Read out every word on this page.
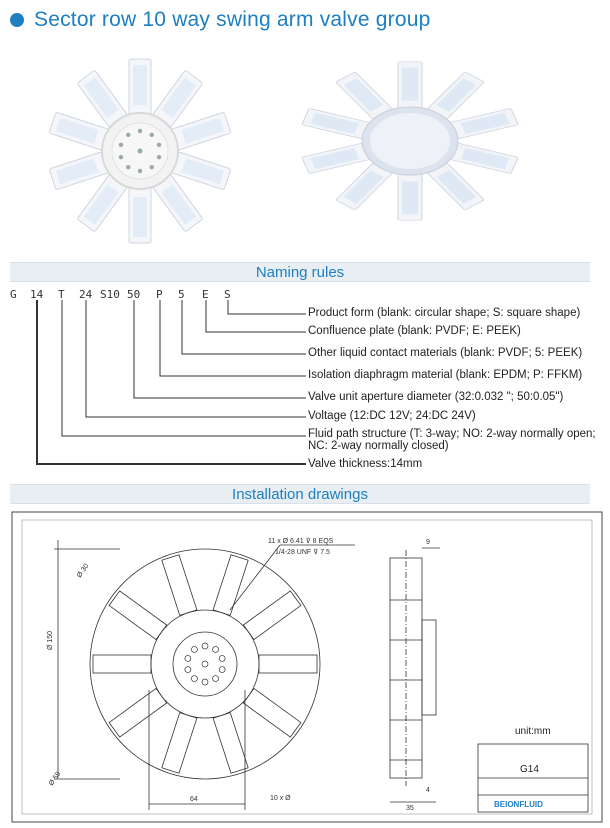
Sector row 10 way swing arm valve group
Naming rules
G 14 T 24 S10 50 P 5 E S
Product form (blank: circular shape; S: square shape)
Confluence plate (blank: PVDF; E: PEEK)
Other liquid contact materials (blank: PVDF; 5: PEEK)
Isolation diaphragm material (blank: EPDM; P: FFKM)
Valve unit aperture diameter (32:0.032 "; 50:0.05")
Voltage (12:DC 12V; 24:DC 24V)
Fluid path structure (T: 3-way; NO: 2-way normally open; NC: 2-way normally closed)
Valve thickness:14mm
Installation drawings
11 x Ø 6.41 ⊽ 8 EQS
1/4-28 UNF ⊽ 7.5
Ø 30
Ø 150
Ø 59
64	10 x Ø
9
4
35
unit:mm
G14
BEIONFLUID
